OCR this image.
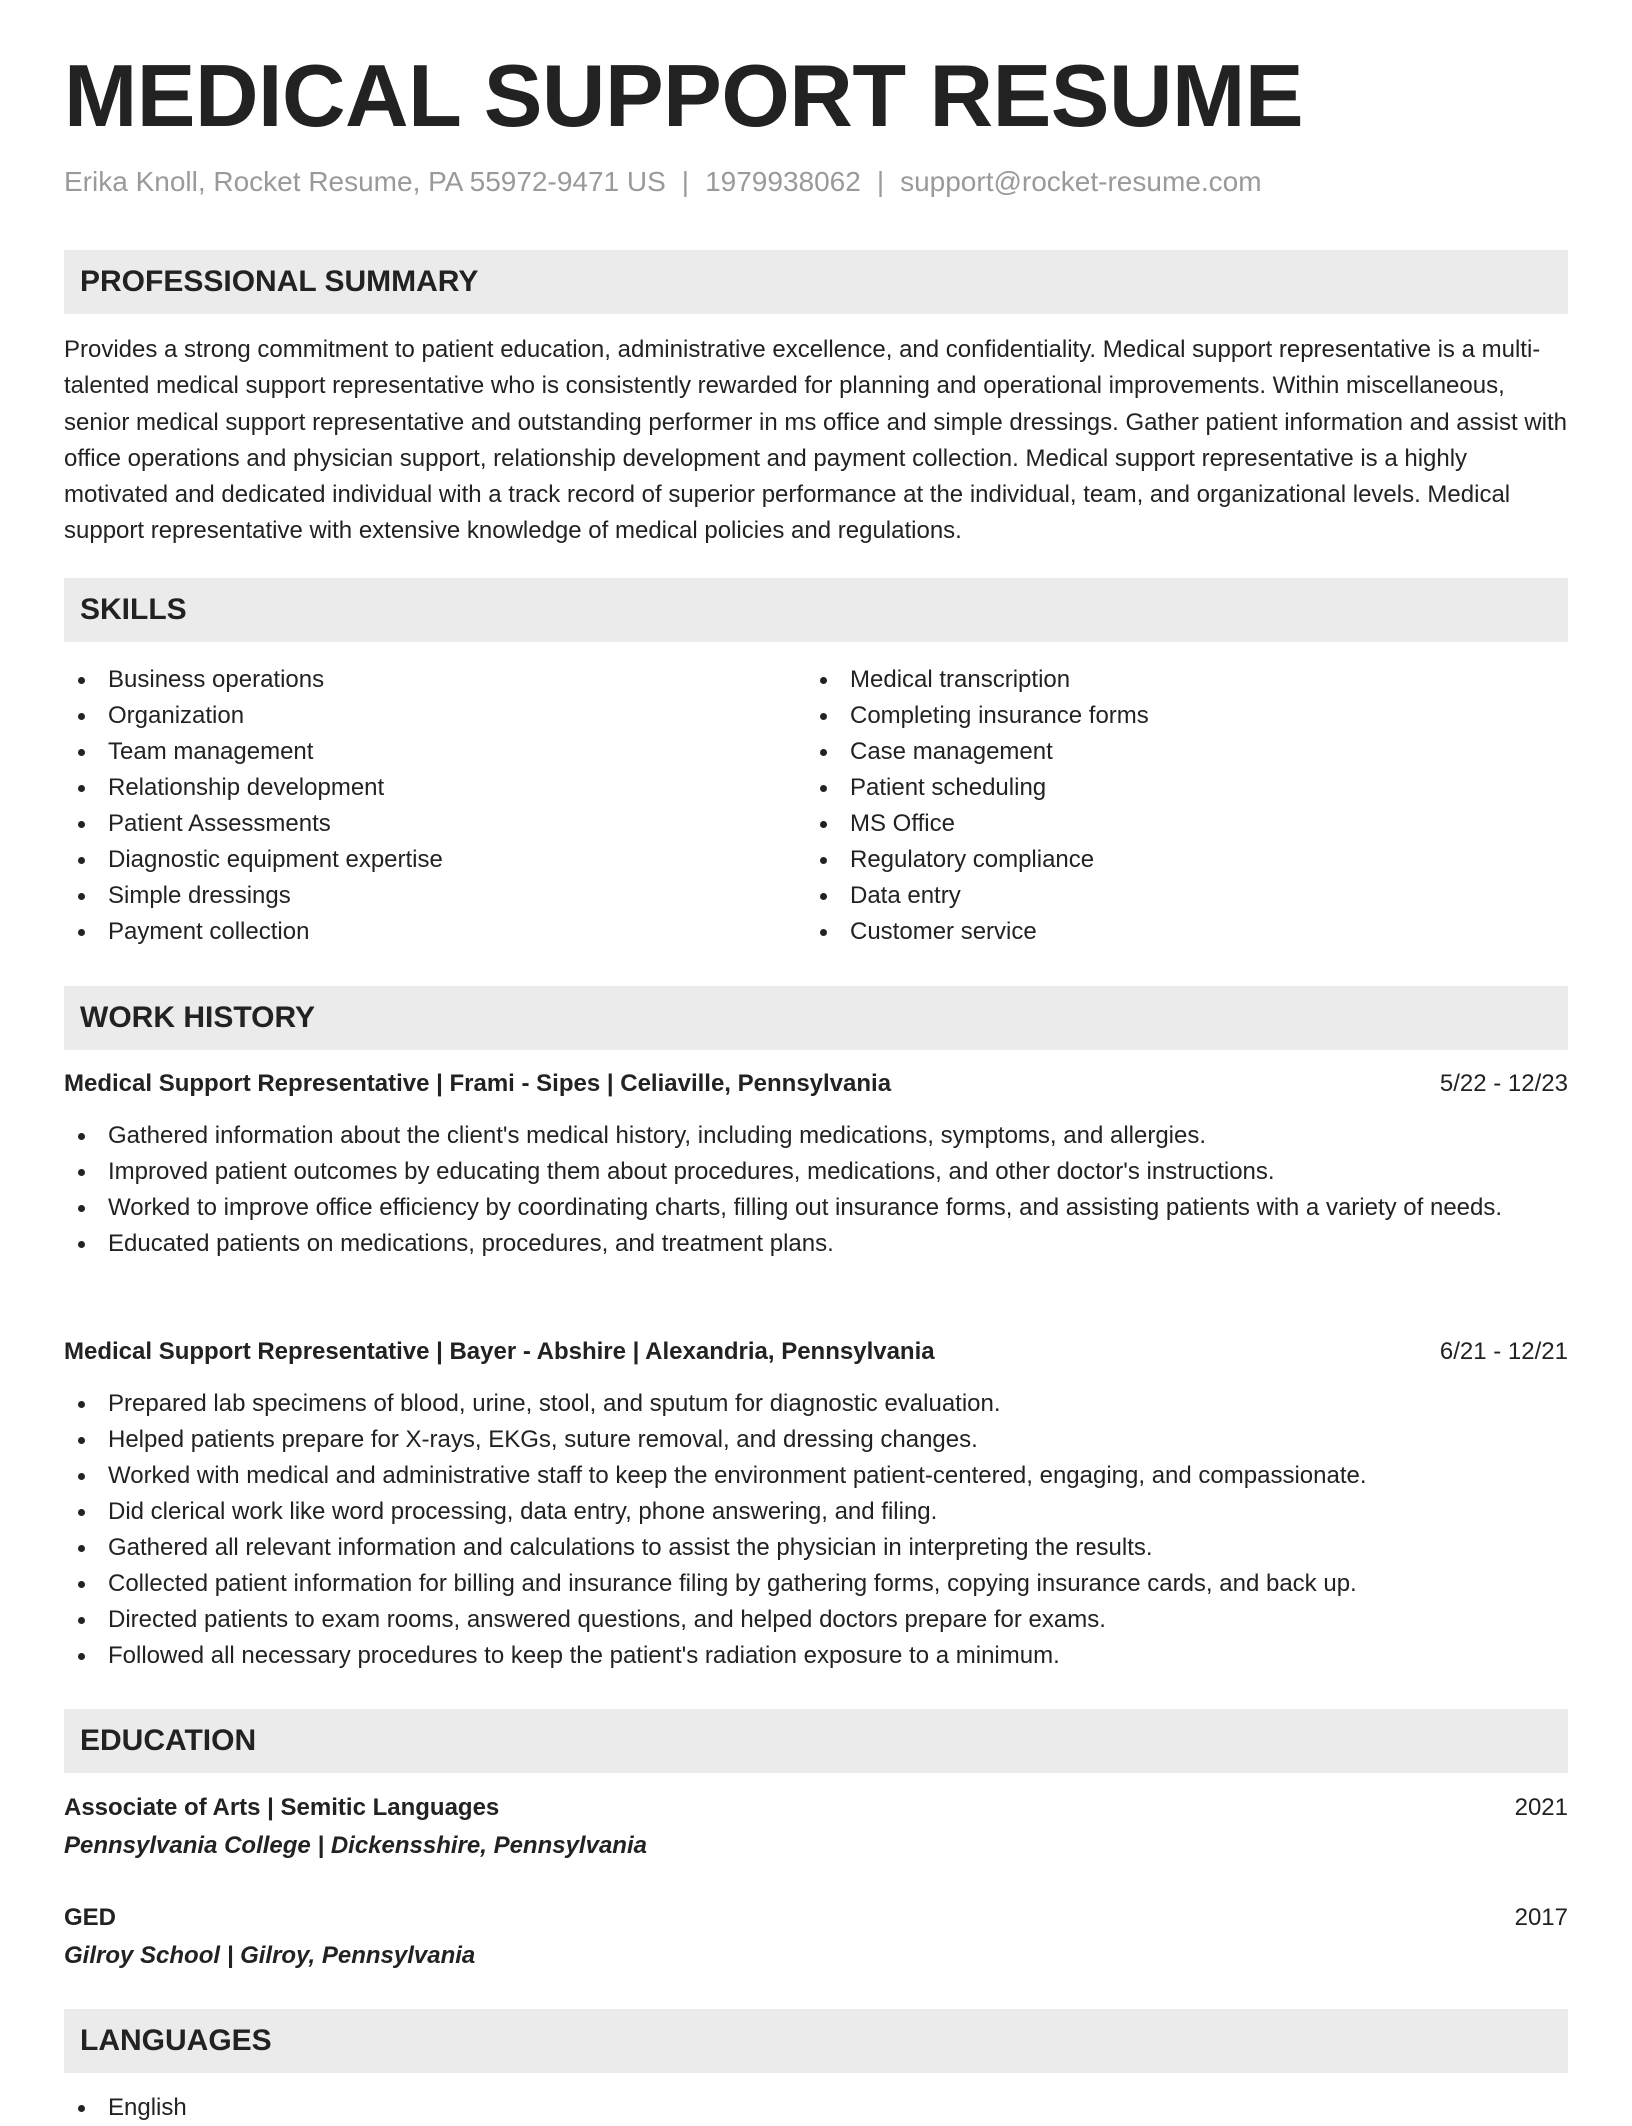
MEDICAL SUPPORT RESUME
Erika Knoll, Rocket Resume, PA 55972-9471 US | 1979938062 | support@rocket-resume.com
PROFESSIONAL SUMMARY

Provides a strong commitment to patient education, administrative excellence, and confidentiality. Medical support representative is a multi-talented medical support representative who is consistently rewarded for planning and operational improvements. Within miscellaneous, senior medical support representative and outstanding performer in ms office and simple dressings. Gather patient information and assist with office operations and physician support, relationship development and payment collection. Medical support representative is a highly motivated and dedicated individual with a track record of superior performance at the individual, team, and organizational levels. Medical support representative with extensive knowledge of medical policies and regulations.

SKILLS
Business operations
Organization
Team management
Relationship development
Patient Assessments
Diagnostic equipment expertise
Simple dressings
Payment collection
Medical transcription
Completing insurance forms
Case management
Patient scheduling
MS Office
Regulatory compliance
Data entry
Customer service
WORK HISTORY
Medical Support Representative | Frami - Sipes | Celiaville, Pennsylvania	5/22 - 12/23
Gathered information about the client's medical history, including medications, symptoms, and allergies.
Improved patient outcomes by educating them about procedures, medications, and other doctor's instructions.
Worked to improve office efficiency by coordinating charts, filling out insurance forms, and assisting patients with a variety of needs.
Educated patients on medications, procedures, and treatment plans.
Medical Support Representative | Bayer - Abshire | Alexandria, Pennsylvania	6/21 - 12/21
Prepared lab specimens of blood, urine, stool, and sputum for diagnostic evaluation.
Helped patients prepare for X-rays, EKGs, suture removal, and dressing changes.
Worked with medical and administrative staff to keep the environment patient-centered, engaging, and compassionate.
Did clerical work like word processing, data entry, phone answering, and filing.
Gathered all relevant information and calculations to assist the physician in interpreting the results.
Collected patient information for billing and insurance filing by gathering forms, copying insurance cards, and back up.
Directed patients to exam rooms, answered questions, and helped doctors prepare for exams.
Followed all necessary procedures to keep the patient's radiation exposure to a minimum.
EDUCATION
Associate of Arts | Semitic Languages	2021
Pennsylvania College | Dickensshire, Pennsylvania
GED	2017
Gilroy School | Gilroy, Pennsylvania
LANGUAGES
English
